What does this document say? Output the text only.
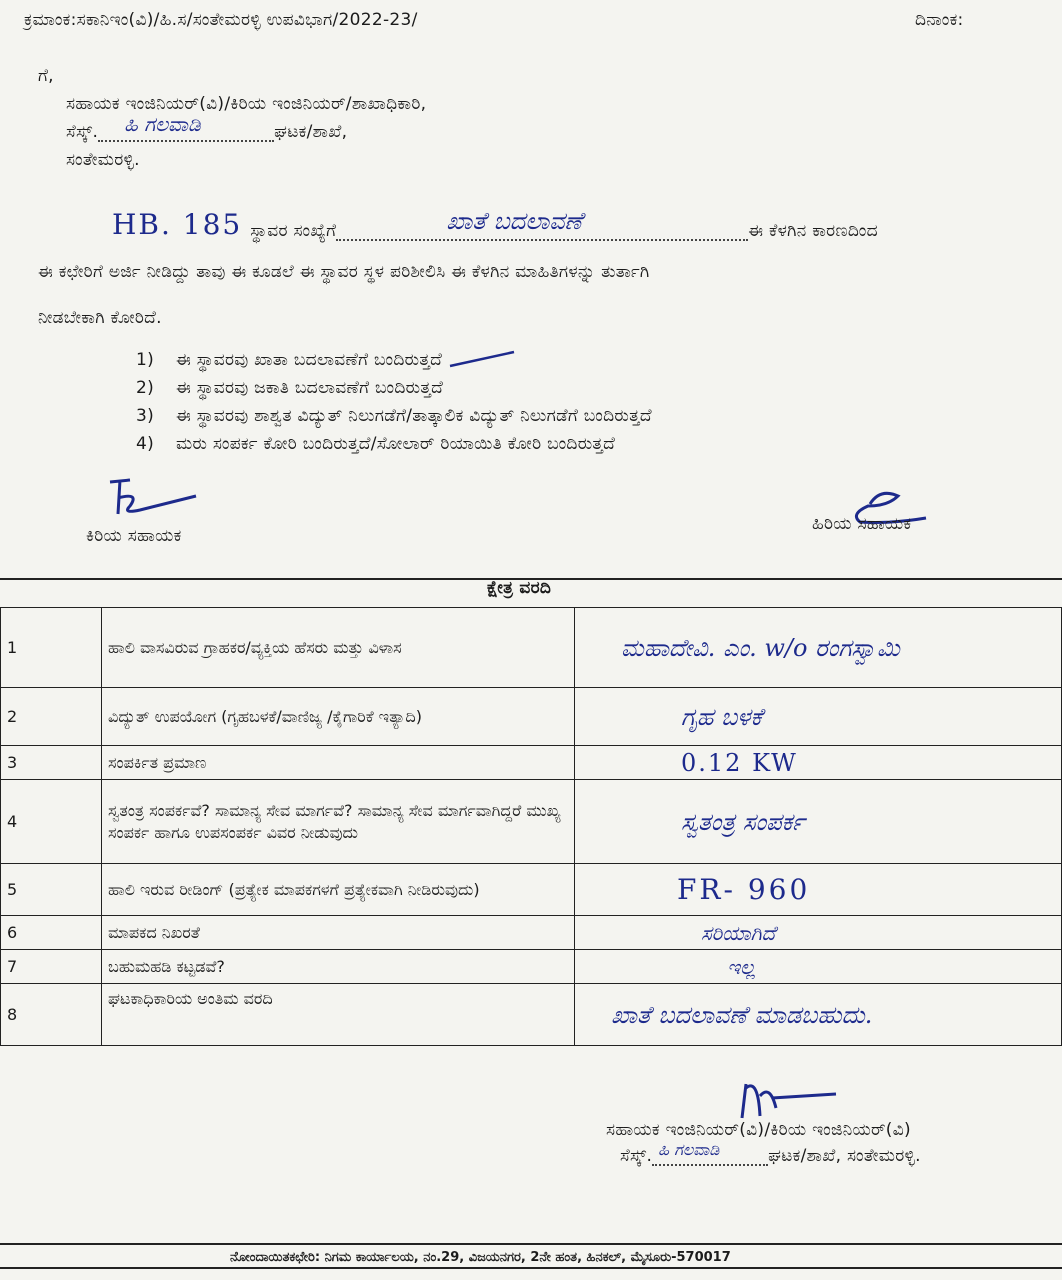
ಕ್ರಮಾಂಕ:ಸಕಾನಿಇಂ(ವಿ)/ಹಿ.ಸ/ಸಂತೇಮರಳ್ಳಿ ಉಪವಿಭಾಗ/2022-23/	ದಿನಾಂಕ:
ಗೆ,
ಸಹಾಯಕ ಇಂಜಿನಿಯರ್(ವಿ)/ಕಿರಿಯ ಇಂಜಿನಿಯರ್/ಶಾಖಾಧಿಕಾರಿ,
ಸೆಸ್ಕ್. ಹಿ ಗಲವಾಡಿ	ಘಟಕ/ಶಾಖೆ,
ಸಂತೇಮರಳ್ಳಿ.
HB. 185 ಸ್ಥಾವರ ಸಂಖ್ಯೆಗೆ	ಖಾತೆ ಬದಲಾವಣೆ	ಈ ಕೆಳಗಿನ ಕಾರಣದಿಂದ
ಈ ಕಛೇರಿಗೆ ಅರ್ಜಿ ನೀಡಿದ್ದು ತಾವು ಈ ಕೂಡಲೆ ಈ ಸ್ಥಾವರ ಸ್ಥಳ ಪರಿಶೀಲಿಸಿ ಈ ಕೆಳಗಿನ ಮಾಹಿತಿಗಳನ್ನು ತುರ್ತಾಗಿ
ನೀಡಬೇಕಾಗಿ ಕೋರಿದೆ.
1)	ಈ ಸ್ಥಾವರವು ಖಾತಾ ಬದಲಾವಣೆಗೆ ಬಂದಿರುತ್ತದೆ
2)	ಈ ಸ್ಥಾವರವು ಜಕಾತಿ ಬದಲಾವಣೆಗೆ ಬಂದಿರುತ್ತದೆ
3)	ಈ ಸ್ಥಾವರವು ಶಾಶ್ವತ ವಿದ್ಯುತ್ ನಿಲುಗಡೆಗೆ/ತಾತ್ಕಾಲಿಕ ವಿದ್ಯುತ್ ನಿಲುಗಡೆಗೆ ಬಂದಿರುತ್ತದೆ
4)	ಮರು ಸಂಪರ್ಕ ಕೋರಿ ಬಂದಿರುತ್ತದೆ/ಸೋಲಾರ್ ರಿಯಾಯಿತಿ ಕೋರಿ ಬಂದಿರುತ್ತದೆ
ಕಿರಿಯ ಸಹಾಯಕ
ಹಿರಿಯ ಸಹಾಯಕ
ಕ್ಷೇತ್ರ ವರದಿ
1	ಹಾಲಿ ವಾಸವಿರುವ ಗ್ರಾಹಕರ/ವ್ಯಕ್ತಿಯ ಹೆಸರು ಮತ್ತು ವಿಳಾಸ	ಮಹಾದೇವಿ. ಎಂ. w/o ರಂಗಸ್ವಾಮಿ
2	ವಿದ್ಯುತ್ ಉಪಯೋಗ (ಗೃಹಬಳಕೆ/ವಾಣಿಜ್ಯ /ಕೈಗಾರಿಕೆ ಇತ್ಯಾದಿ)	ಗೃಹ ಬಳಕೆ
3	ಸಂಪರ್ಕಿತ ಪ್ರಮಾಣ	0.12 KW
4	ಸ್ವತಂತ್ರ ಸಂಪರ್ಕವೆ? ಸಾಮಾನ್ಯ ಸೇವ ಮಾರ್ಗವೆ? ಸಾಮಾನ್ಯ ಸೇವ ಮಾರ್ಗವಾಗಿದ್ದರೆ ಮುಖ್ಯ ಸಂಪರ್ಕ ಹಾಗೂ ಉಪಸಂಪರ್ಕ ವಿವರ ನೀಡುವುದು	ಸ್ವತಂತ್ರ ಸಂಪರ್ಕ
5	ಹಾಲಿ ಇರುವ ರೀಡಿಂಗ್ (ಪ್ರತ್ಯೇಕ ಮಾಪಕಗಳಗೆ ಪ್ರತ್ಯೇಕವಾಗಿ ನೀಡಿರುವುದು)	FR- 960
6	ಮಾಪಕದ ನಿಖರತೆ	ಸರಿಯಾಗಿದೆ
7	ಬಹುಮಹಡಿ ಕಟ್ಟಡವೆ?	ಇಲ್ಲ
8	ಘಟಕಾಧಿಕಾರಿಯ ಅಂತಿಮ ವರದಿ	ಖಾತೆ ಬದಲಾವಣೆ ಮಾಡಬಹುದು.
ಸಹಾಯಕ ಇಂಜಿನಿಯರ್(ವಿ)/ಕಿರಿಯ ಇಂಜಿನಿಯರ್(ವಿ)
ಸೆಸ್ಕ್. ಹಿ ಗಲವಾಡಿ	ಘಟಕ/ಶಾಖೆ, ಸಂತೇಮರಳ್ಳಿ.
ನೋಂದಾಯಿತಕಛೇರಿ: ನಿಗಮ ಕಾರ್ಯಾಲಯ, ನಂ.29, ವಿಜಯನಗರ, 2ನೇ ಹಂತ, ಹಿನಕಲ್, ಮೈಸೂರು-570017
